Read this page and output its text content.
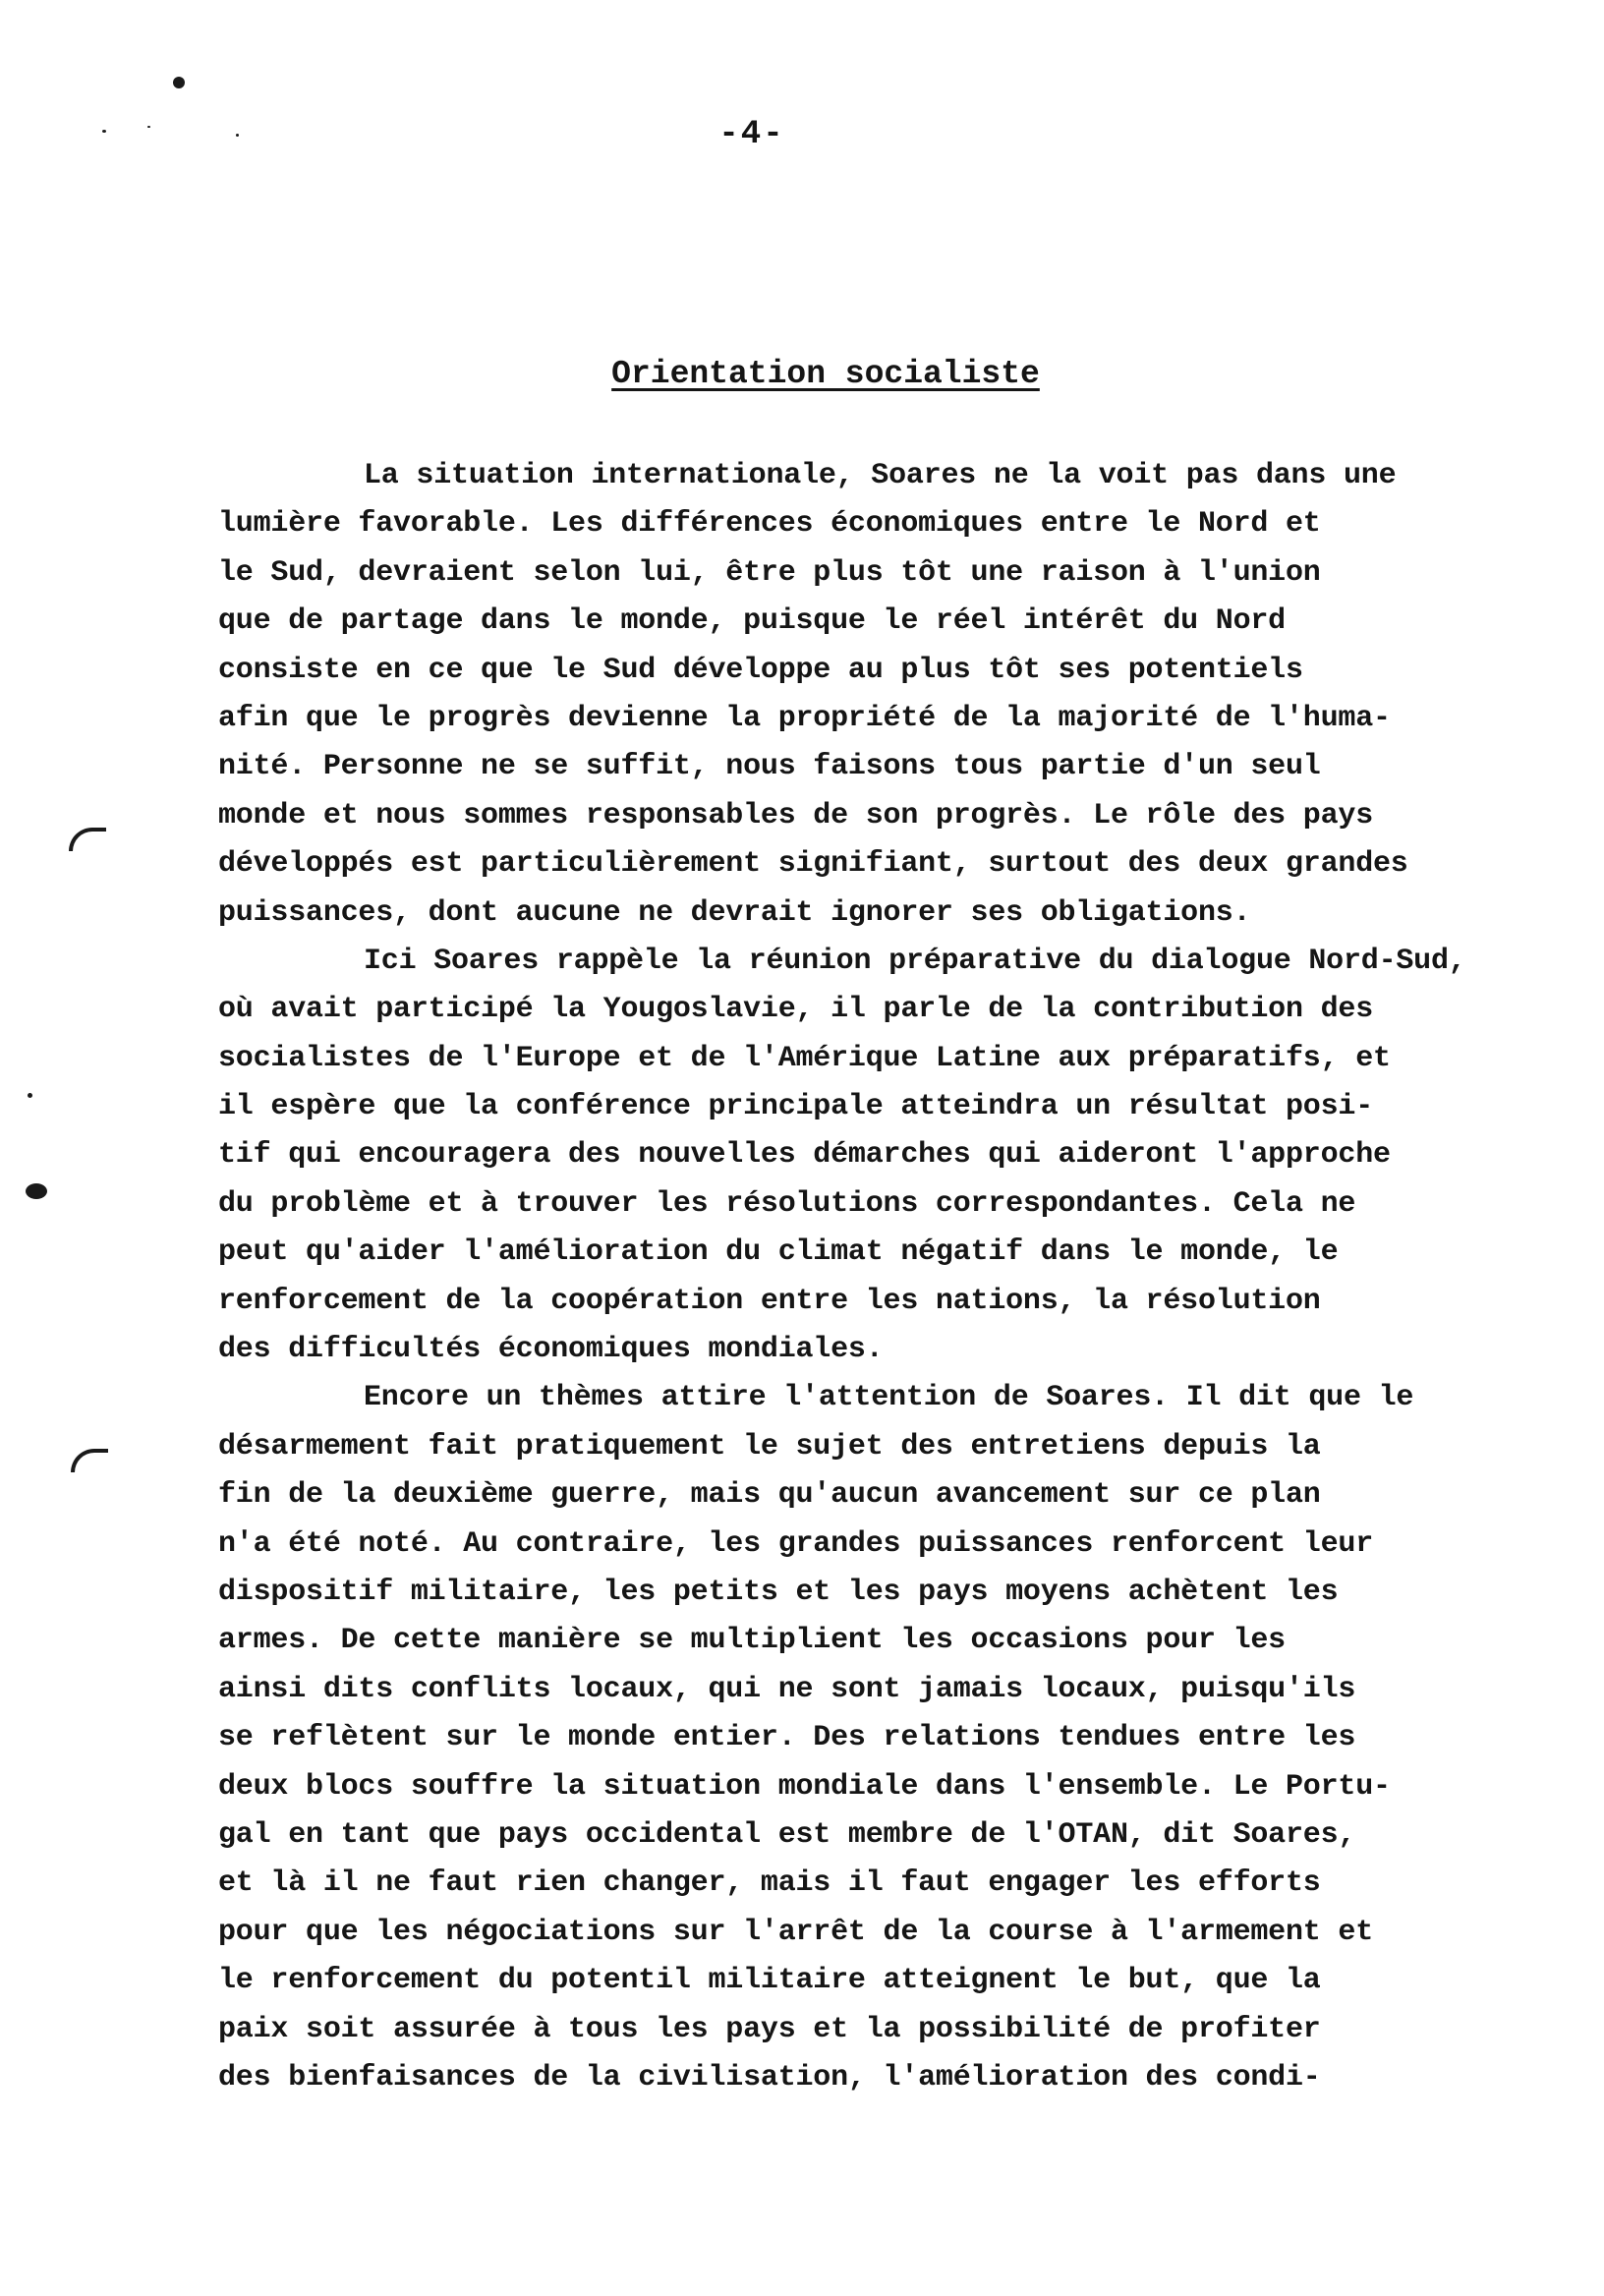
-4-
Orientation socialiste
La situation internationale, Soares ne la voit pas dans une
lumière favorable. Les différences économiques entre le Nord et
le Sud, devraient selon lui, être plus tôt une raison à l'union
que de partage dans le monde, puisque le réel intérêt du Nord
consiste en ce que le Sud développe au plus tôt ses potentiels
afin que le progrès devienne la propriété de la majorité de l'huma-
nité. Personne ne se suffit, nous faisons tous partie d'un seul
monde et nous sommes responsables de son progrès. Le rôle des pays
développés est particulièrement signifiant, surtout des deux grandes
puissances, dont aucune ne devrait ignorer ses obligations.
Ici Soares rappèle la réunion préparative du dialogue Nord-Sud,
où avait participé la Yougoslavie, il parle de la contribution des
socialistes de l'Europe et de l'Amérique Latine aux préparatifs, et
il espère que la conférence principale atteindra un résultat posi-
tif qui encouragera des nouvelles démarches qui aideront l'approche
du problème et à trouver les résolutions correspondantes. Cela ne
peut qu'aider l'amélioration du climat négatif dans le monde, le
renforcement de la coopération entre les nations, la résolution
des difficultés économiques mondiales.
Encore un thèmes attire l'attention de Soares. Il dit que le
désarmement fait pratiquement le sujet des entretiens depuis la
fin de la deuxième guerre, mais qu'aucun avancement sur ce plan
n'a été noté. Au contraire, les grandes puissances renforcent leur
dispositif militaire, les petits et les pays moyens achètent les
armes. De cette manière se multiplient les occasions pour les
ainsi dits conflits locaux, qui ne sont jamais locaux, puisqu'ils
se reflètent sur le monde entier. Des relations tendues entre les
deux blocs souffre la situation mondiale dans l'ensemble. Le Portu-
gal en tant que pays occidental est membre de l'OTAN, dit Soares,
et là il ne faut rien changer, mais il faut engager les efforts
pour que les négociations sur l'arrêt de la course à l'armement et
le renforcement du potentil militaire atteignent le but, que la
paix soit assurée à tous les pays et la possibilité de profiter
des bienfaisances de la civilisation, l'amélioration des condi-
